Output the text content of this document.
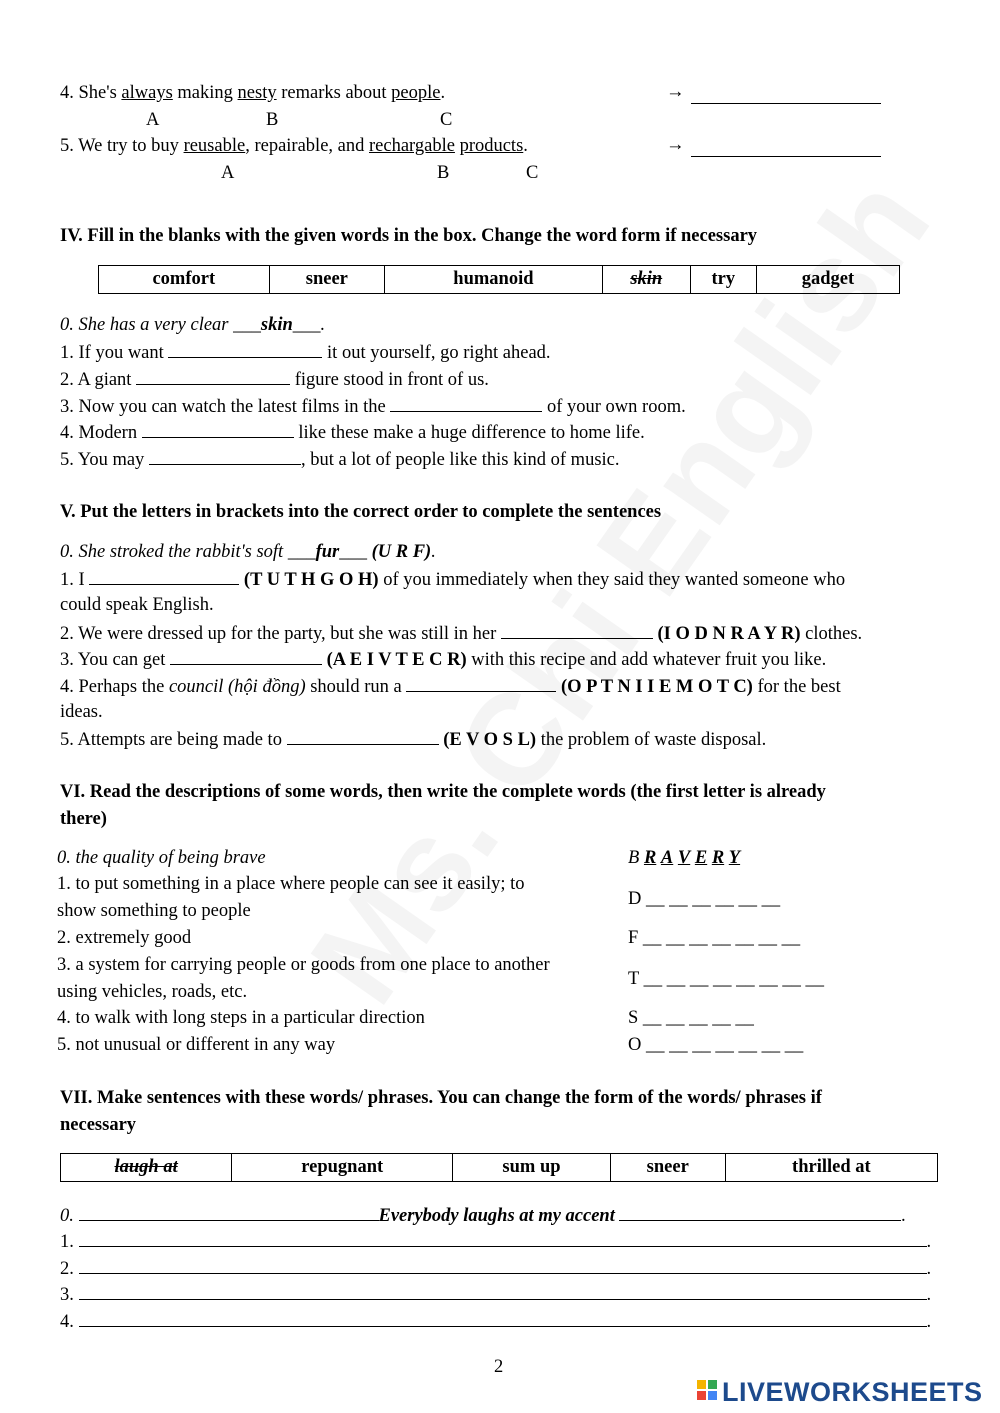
4. She's always making nesty remarks about people.	→
A	B	C
5. We try to buy reusable, repairable, and rechargable products.	→
A	B	C
IV. Fill in the blanks with the given words in the box. Change the word form if necessary
comfort	sneer	humanoid	skin	try	gadget
0. She has a very clear ___skin___.
1. If you want	it out yourself, go right ahead.
2. A giant	figure stood in front of us.
3. Now you can watch the latest films in the	of your own room.
4. Modern	like these make a huge difference to home life.
5. You may	, but a lot of people like this kind of music.
V. Put the letters in brackets into the correct order to complete the sentences
0. She stroked the rabbit's soft ___fur___ (U R F).
1. I	(T U T H G O H) of you immediately when they said they wanted someone who
could speak English.
2. We were dressed up for the party, but she was still in her	(I O D N R A Y R) clothes.
3. You can get	(A E I V T E C R) with this recipe and add whatever fruit you like.
4. Perhaps the council (hội đồng) should run a	(O P T N I I E M O T C) for the best
ideas.
5. Attempts are being made to	(E V O S L) the problem of waste disposal.
VI. Read the descriptions of some words, then write the complete words (the first letter is already
there)
0. the quality of being brave	B R A V E R Y
1. to put something in a place where people can see it easily; to
show something to people
D __ __ __ __ __ __
2. extremely good	F __ __ __ __ __ __ __
3. a system for carrying people or goods from one place to another
using vehicles, roads, etc.
T __ __ __ __ __ __ __ __
4. to walk with long steps in a particular direction	S __ __ __ __ __
5. not unusual or different in any way	O __ __ __ __ __ __ __
VII. Make sentences with these words/ phrases. You can change the form of the words/ phrases if
necessary
laugh at	repugnant	sum up	sneer	thrilled at
0.	Everybody laughs at my accent	.
1.	.
2.	.
3.	.
4.	.
2
LIVEWORKSHEETS
